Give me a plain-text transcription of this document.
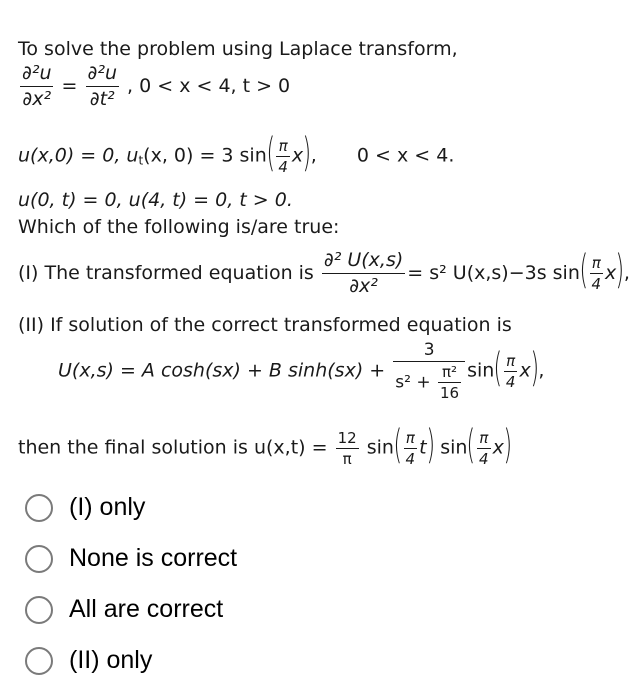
To solve the problem using Laplace transform,
$\frac{\text{∂²u}}{\text{∂x²}} = \frac{\text{∂²u}}{\text{∂t²}}$ , 0 < x < 4, t > 0
u(x,0) = 0, $u_t(x$, 0) = 3 $\sin( \frac{\pi}{4} x)$, 0 < x < 4.
u(0, t) = 0, u(4, t) = 0, t > 0.
Which of the following is/are true:
(I) The transformed equation is $\frac{\text{∂² U(x,s)}}{\text{∂x²}} = s^2$ U(x,s)−3s $\sin( \frac{\pi}{4} x)$,
(II) If solution of the correct transformed equation is
U(x,s) = A cosh(sx) + B $\sinh(sx) + \frac{3}{s^2 + \frac{\text{π²}}{16}} \sin( \frac{\pi}{4} x)$,
then the final solution is $u(x,t) = \frac{12}{\pi} \sin( \frac{\pi}{4} t)$ $\sin( \frac{\pi}{4} x)$
(I) only
None is correct
All are correct
(II) only
